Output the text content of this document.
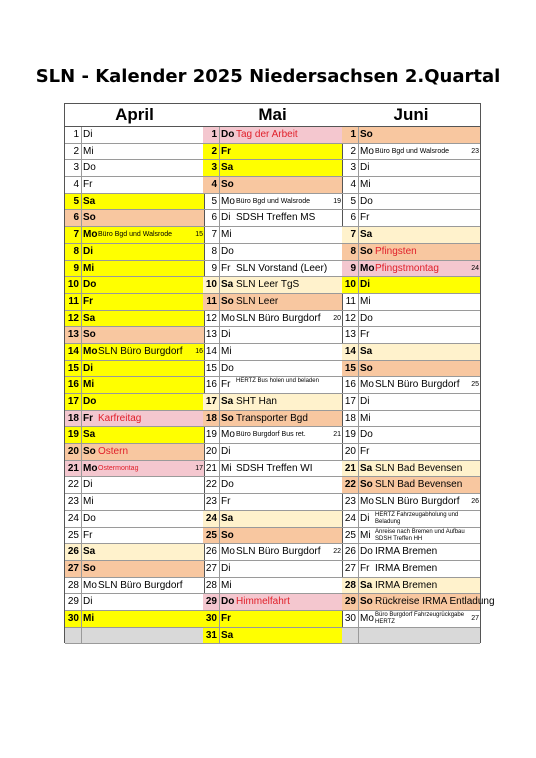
SLN - Kalender 2025 Niedersachsen 2.Quartal
April
1 Di
2 Mi
3 Do
4 Fr
5 Sa
6 So
7 Mo Büro Bgd und Walsrode	15
8 Di
9 Mi
10 Do
11 Fr
12 Sa
13 So
14 Mo SLN Büro Burgdorf	16
15 Di
16 Mi
17 Do
18 Fr Karfreitag
19 Sa
20 So Ostern
21 Mo Ostermontag	17
22 Di
23 Mi
24 Do
25 Fr
26 Sa
27 So
28 Mo SLN Büro Burgdorf
29 Di
30 Mi
Mai
1 Do Tag der Arbeit
2 Fr
3 Sa
4 So
5 Mo Büro Bgd und Walsrode	19
6 Di SDSH Treffen MS
7 Mi
8 Do
9 Fr SLN Vorstand (Leer)
10 Sa SLN Leer TgS
11 So SLN Leer
12 Mo SLN Büro Burgdorf	20
13 Di
14 Mi
15 Do
16 Fr HERTZ Bus holen und beladen
17 Sa SHT Han
18 So Transporter Bgd
19 Mo Büro Burgdorf Bus ret.	21
20 Di
21 Mi SDSH Treffen WI
22 Do
23 Fr
24 Sa
25 So
26 Mo SLN Büro Burgdorf	22
27 Di
28 Mi
29 Do Himmelfahrt
30 Fr
31 Sa
Juni
1 So
2 Mo Büro Bgd und Walsrode	23
3 Di
4 Mi
5 Do
6 Fr
7 Sa
8 So Pfingsten
9 Mo Pfingstmontag	24
10 Di
11 Mi
12 Do
13 Fr
14 Sa
15 So
16 Mo SLN Büro Burgdorf	25
17 Di
18 Mi
19 Do
20 Fr
21 Sa SLN Bad Bevensen
22 So SLN Bad Bevensen
23 Mo SLN Büro Burgdorf	26
24 Di HERTZ Fahrzeugabholung und Beladung
25 Mi Anreise nach Bremen und Aufbau SDSH Treffen HH
26 Do IRMA Bremen
27 Fr IRMA Bremen
28 Sa IRMA Bremen
29 So Rückreise IRMA Entladung
30 Mo Büro Burgdorf Fahrzeugrückgabe HERTZ	27
